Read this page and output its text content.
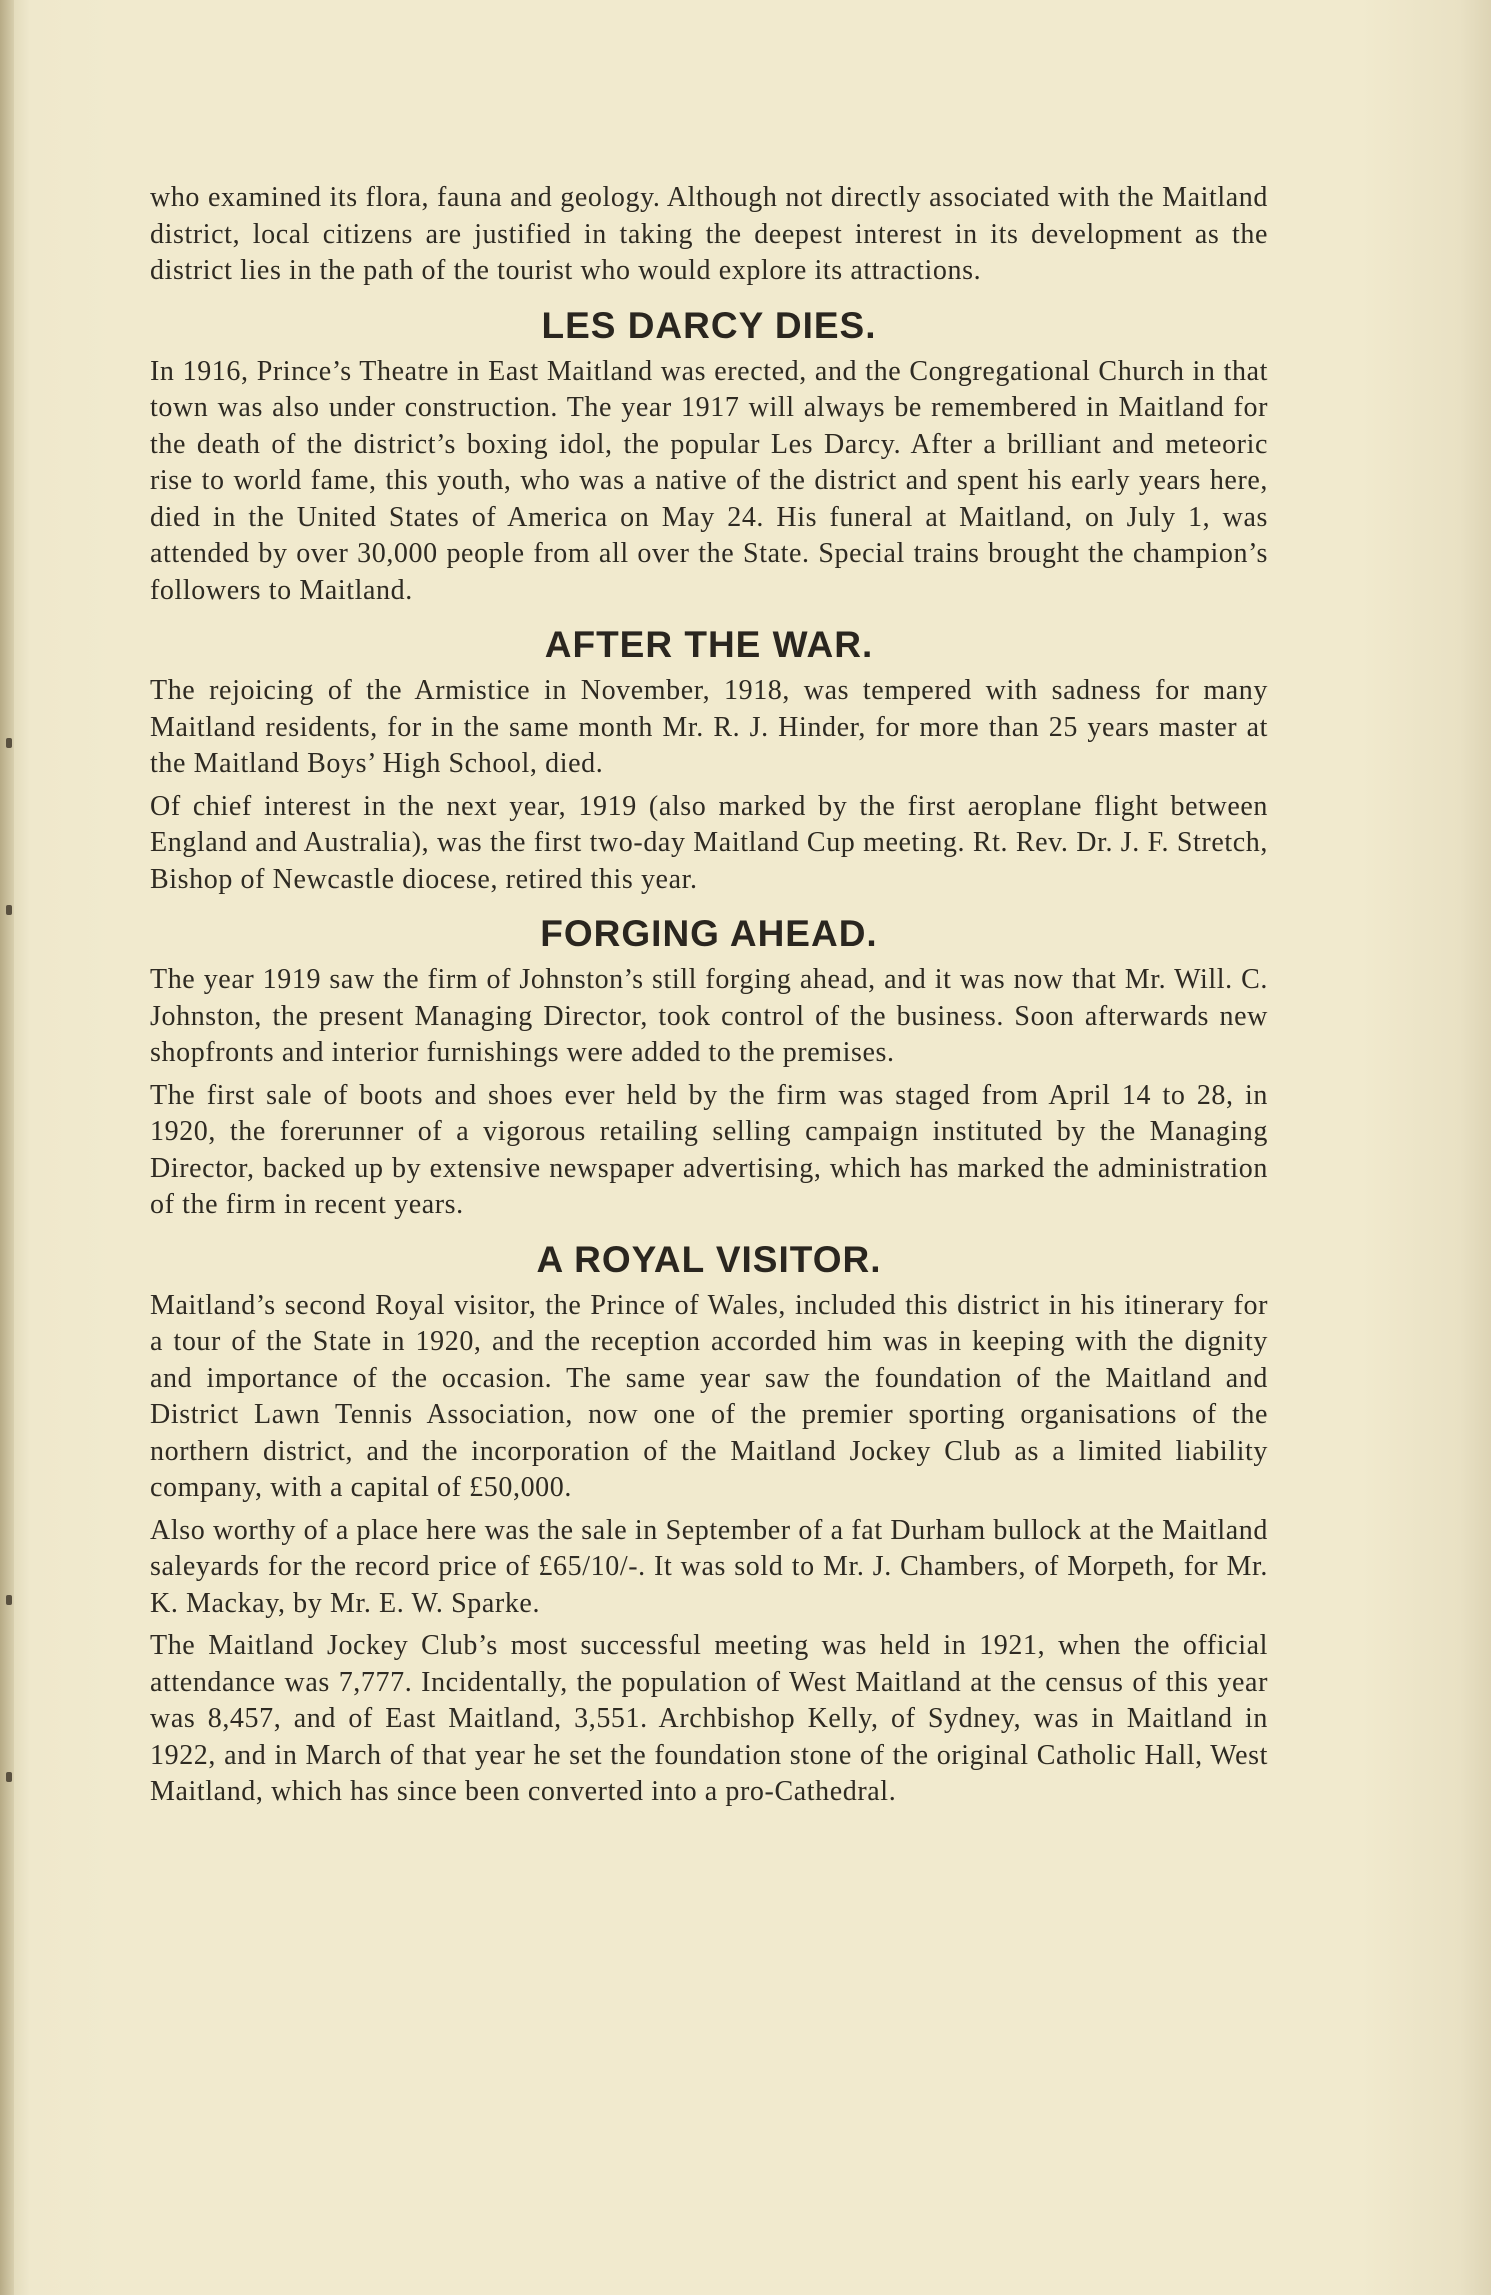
who examined its flora, fauna and geology. Although not directly associated with the Maitland district, local citizens are justified in taking the deepest interest in its development as the district lies in the path of the tourist who would explore its attractions.

LES DARCY DIES.

In 1916, Prince’s Theatre in East Maitland was erected, and the Congregational Church in that town was also under construction. The year 1917 will always be remembered in Maitland for the death of the district’s boxing idol, the popular Les Darcy. After a brilliant and meteoric rise to world fame, this youth, who was a native of the district and spent his early years here, died in the United States of America on May 24. His funeral at Maitland, on July 1, was attended by over 30,000 people from all over the State. Special trains brought the champion’s followers to Maitland.

AFTER THE WAR.

The rejoicing of the Armistice in November, 1918, was tempered with sadness for many Maitland residents, for in the same month Mr. R. J. Hinder, for more than 25 years master at the Maitland Boys’ High School, died.

Of chief interest in the next year, 1919 (also marked by the first aeroplane flight between England and Australia), was the first two-day Maitland Cup meeting. Rt. Rev. Dr. J. F. Stretch, Bishop of Newcastle diocese, retired this year.

FORGING AHEAD.

The year 1919 saw the firm of Johnston’s still forging ahead, and it was now that Mr. Will. C. Johnston, the present Managing Director, took control of the business. Soon afterwards new shopfronts and interior furnishings were added to the premises.

The first sale of boots and shoes ever held by the firm was staged from April 14 to 28, in 1920, the forerunner of a vigorous retailing selling campaign instituted by the Managing Director, backed up by extensive newspaper advertising, which has marked the administration of the firm in recent years.

A ROYAL VISITOR.

Maitland’s second Royal visitor, the Prince of Wales, included this district in his itinerary for a tour of the State in 1920, and the reception accorded him was in keeping with the dignity and importance of the occasion. The same year saw the foundation of the Maitland and District Lawn Tennis Association, now one of the premier sporting organisations of the northern district, and the incorporation of the Maitland Jockey Club as a limited liability company, with a capital of £50,000.

Also worthy of a place here was the sale in September of a fat Durham bullock at the Maitland saleyards for the record price of £65/10/-. It was sold to Mr. J. Chambers, of Morpeth, for Mr. K. Mackay, by Mr. E. W. Sparke.

The Maitland Jockey Club’s most successful meeting was held in 1921, when the official attendance was 7,777. Incidentally, the population of West Maitland at the census of this year was 8,457, and of East Maitland, 3,551. Archbishop Kelly, of Sydney, was in Maitland in 1922, and in March of that year he set the foundation stone of the original Catholic Hall, West Maitland, which has since been converted into a pro-Cathedral.
